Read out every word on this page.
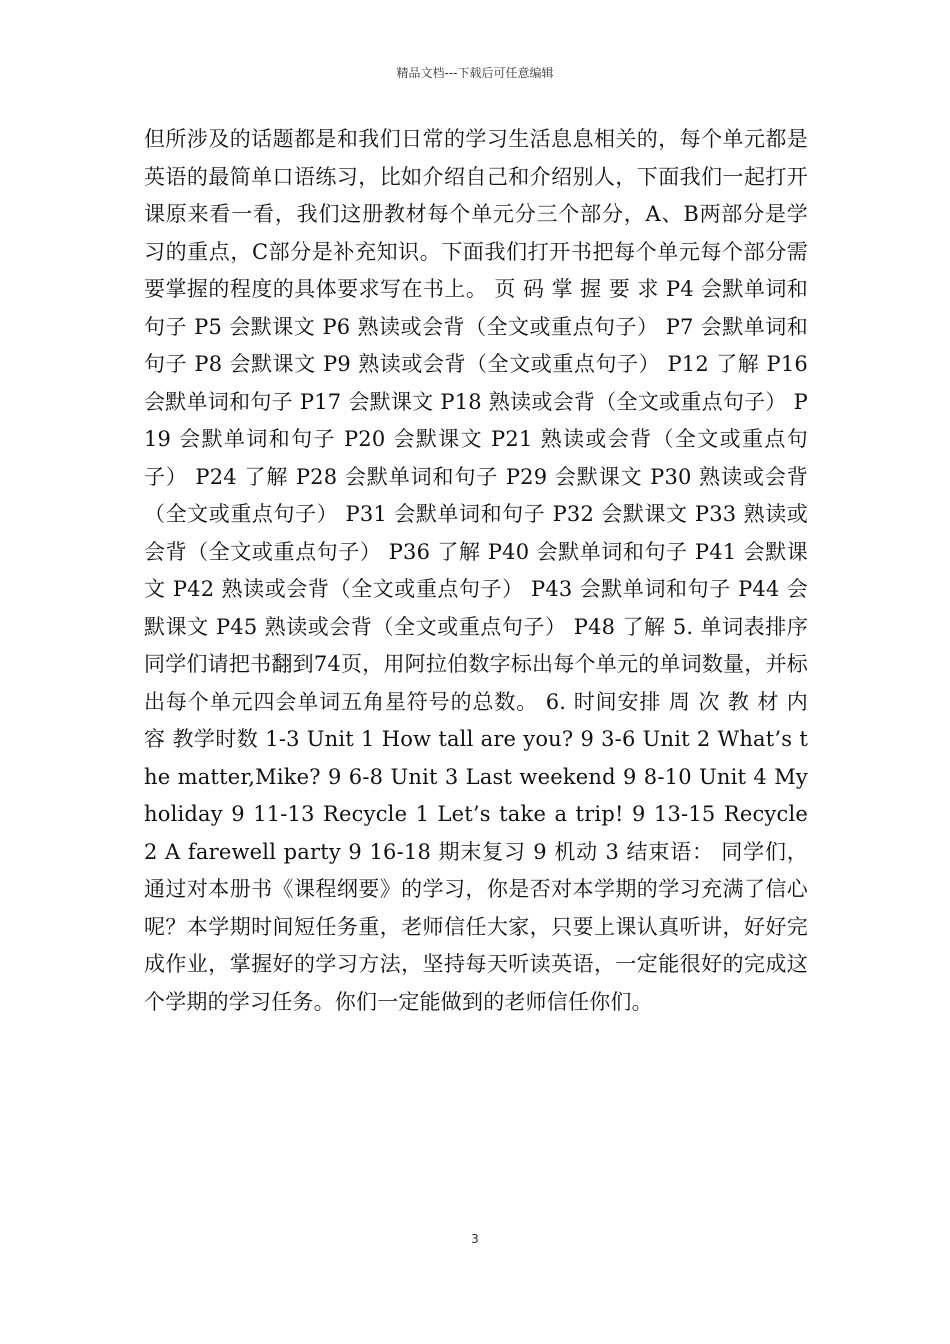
精品文档---下载后可任意编辑

但所涉及的话题都是和我们日常的学习生活息息相关的，每个单元都是英语的最简单口语练习，比如介绍自己和介绍别人，下面我们一起打开课原来看一看，我们这册教材每个单元分三个部分，A、B两部分是学习的重点，C部分是补充知识。下面我们打开书把每个单元每个部分需要掌握的程度的具体要求写在书上。 页 码 掌 握 要 求 P4 会默单词和句子 P5 会默课文 P6 熟读或会背（全文或重点句子） P7 会默单词和句子 P8 会默课文 P9 熟读或会背（全文或重点句子） P12 了解 P16 会默单词和句子 P17 会默课文 P18 熟读或会背（全文或重点句子） P19 会默单词和句子 P20 会默课文 P21 熟读或会背（全文或重点句子） P24 了解 P28 会默单词和句子 P29 会默课文 P30 熟读或会背（全文或重点句子） P31 会默单词和句子 P32 会默课文 P33 熟读或会背（全文或重点句子） P36 了解 P40 会默单词和句子 P41 会默课文 P42 熟读或会背（全文或重点句子） P43 会默单词和句子 P44 会默课文 P45 熟读或会背（全文或重点句子） P48 了解 5. 单词表排序 同学们请把书翻到74页，用阿拉伯数字标出每个单元的单词数量，并标出每个单元四会单词五角星符号的总数。 6. 时间安排 周 次 教 材 内 容 教学时数 1-3 Unit 1 How tall are you? 9 3-6 Unit 2 What’s the matter,Mike? 9 6-8 Unit 3 Last weekend 9 8-10 Unit 4 My holiday 9 11-13 Recycle 1 Let’s take a trip! 9 13-15 Recycle 2 A farewell party 9 16-18 期末复习 9 机动 3 结束语： 同学们，通过对本册书《课程纲要》的学习，你是否对本学期的学习充满了信心呢？本学期时间短任务重，老师信任大家，只要上课认真听讲，好好完成作业，掌握好的学习方法，坚持每天听读英语，一定能很好的完成这个学期的学习任务。你们一定能做到的老师信任你们。

3
